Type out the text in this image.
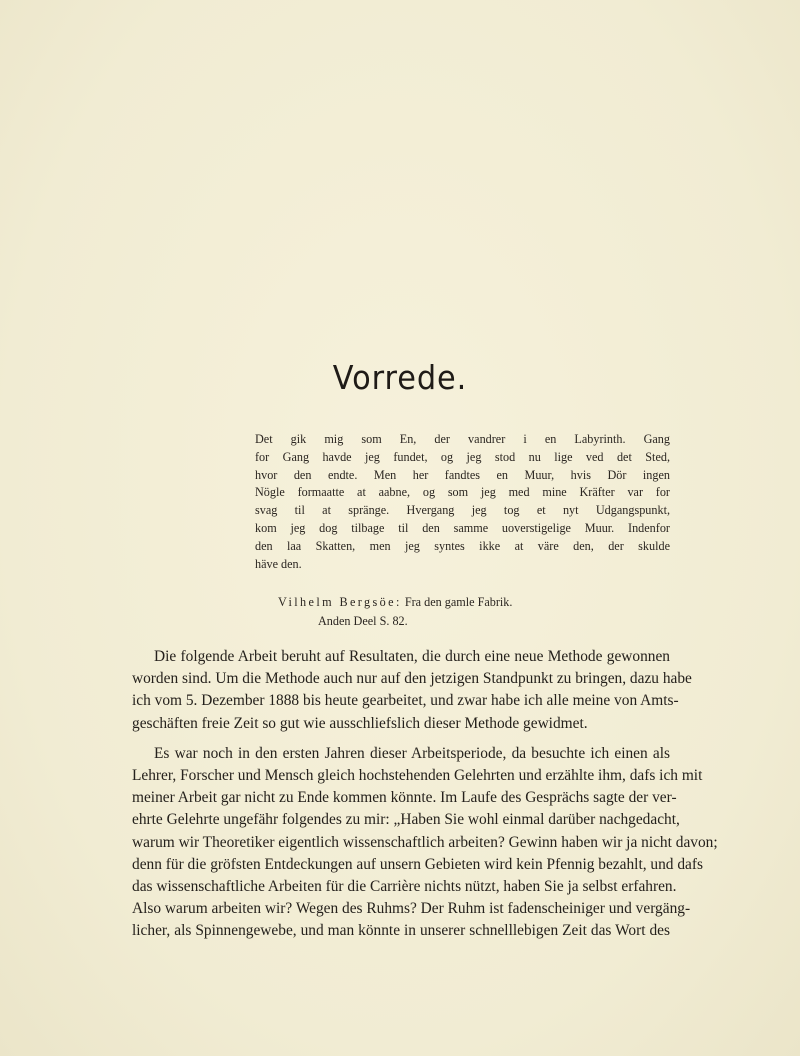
Vorrede.
Det gik mig som En, der vandrer i en Labyrinth. Gang
for Gang havde jeg fundet, og jeg stod nu lige ved det Sted,
hvor den endte. Men her fandtes en Muur, hvis Dör ingen
Nögle formaatte at aabne, og som jeg med mine Kräfter var for
svag til at spränge. Hvergang jeg tog et nyt Udgangspunkt,
kom jeg dog tilbage til den samme uoverstigelige Muur. Indenfor
den laa Skatten, men jeg syntes ikke at väre den, der skulde
häve den.
Vilhelm Bergsöe: Fra den gamle Fabrik.
Anden Deel S. 82.
Die folgende Arbeit beruht auf Resultaten, die durch eine neue Methode gewonnen
worden sind. Um die Methode auch nur auf den jetzigen Standpunkt zu bringen, dazu habe
ich vom 5. Dezember 1888 bis heute gearbeitet, und zwar habe ich alle meine von Amts-
geschäften freie Zeit so gut wie ausschliefslich dieser Methode gewidmet.
Es war noch in den ersten Jahren dieser Arbeitsperiode, da besuchte ich einen als
Lehrer, Forscher und Mensch gleich hochstehenden Gelehrten und erzählte ihm, dafs ich mit
meiner Arbeit gar nicht zu Ende kommen könnte. Im Laufe des Gesprächs sagte der ver-
ehrte Gelehrte ungefähr folgendes zu mir: „Haben Sie wohl einmal darüber nachgedacht,
warum wir Theoretiker eigentlich wissenschaftlich arbeiten? Gewinn haben wir ja nicht davon;
denn für die gröfsten Entdeckungen auf unsern Gebieten wird kein Pfennig bezahlt, und dafs
das wissenschaftliche Arbeiten für die Carrière nichts nützt, haben Sie ja selbst erfahren.
Also warum arbeiten wir? Wegen des Ruhms? Der Ruhm ist fadenscheiniger und vergäng-
licher, als Spinnengewebe, und man könnte in unserer schnelllebigen Zeit das Wort des
